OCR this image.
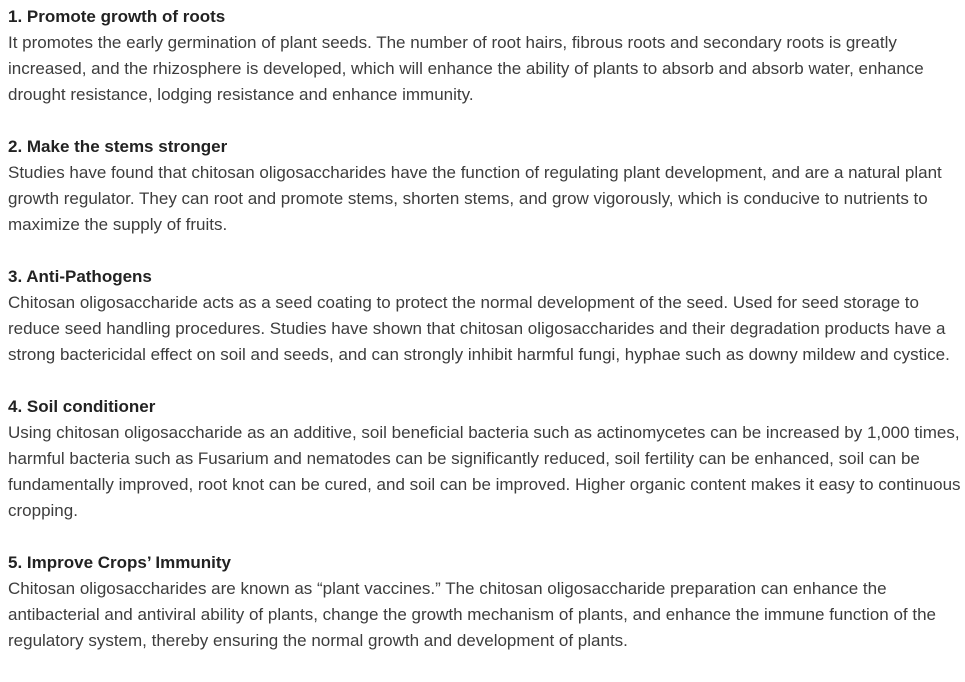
1. Promote growth of roots

It promotes the early germination of plant seeds. The number of root hairs, fibrous roots and secondary roots is greatly increased, and the rhizosphere is developed, which will enhance the ability of plants to absorb and absorb water, enhance drought resistance, lodging resistance and enhance immunity.

2. Make the stems stronger

Studies have found that chitosan oligosaccharides have the function of regulating plant development, and are a natural plant growth regulator. They can root and promote stems, shorten stems, and grow vigorously, which is conducive to nutrients to maximize the supply of fruits.

3. Anti-Pathogens

Chitosan oligosaccharide acts as a seed coating to protect the normal development of the seed. Used for seed storage to reduce seed handling procedures. Studies have shown that chitosan oligosaccharides and their degradation products have a strong bactericidal effect on soil and seeds, and can strongly inhibit harmful fungi, hyphae such as downy mildew and cystice.

4. Soil conditioner

Using chitosan oligosaccharide as an additive, soil beneficial bacteria such as actinomycetes can be increased by 1,000 times, harmful bacteria such as Fusarium and nematodes can be significantly reduced, soil fertility can be enhanced, soil can be fundamentally improved, root knot can be cured, and soil can be improved. Higher organic content makes it easy to continuous cropping.

5. Improve Crops’ Immunity

Chitosan oligosaccharides are known as “plant vaccines.” The chitosan oligosaccharide preparation can enhance the antibacterial and antiviral ability of plants, change the growth mechanism of plants, and enhance the immune function of the regulatory system, thereby ensuring the normal growth and development of plants.
